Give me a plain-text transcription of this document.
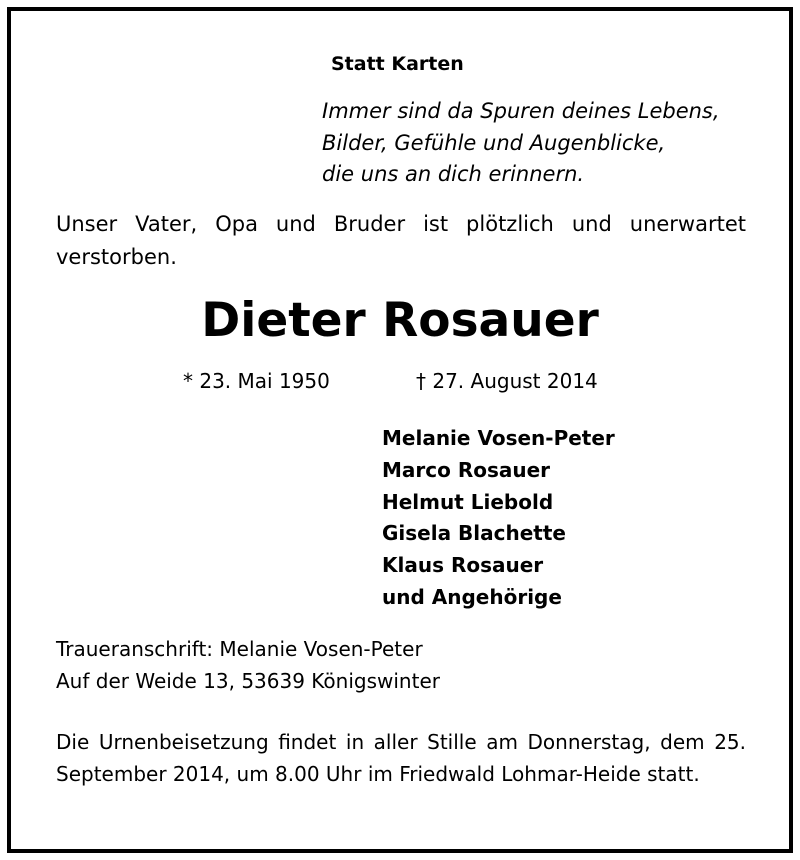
Statt Karten
Immer sind da Spuren deines Lebens,
Bilder, Gefühle und Augenblicke,
die uns an dich erinnern.
Unser Vater, Opa und Bruder ist plötzlich und unerwartet verstorben.
Dieter Rosauer
* 23. Mai 1950	† 27. August 2014
Melanie Vosen-Peter
Marco Rosauer
Helmut Liebold
Gisela Blachette
Klaus Rosauer
und Angehörige
Traueranschrift: Melanie Vosen-Peter
Auf der Weide 13, 53639 Königswinter
Die Urnenbeisetzung findet in aller Stille am Donnerstag, dem 25. September 2014, um 8.00 Uhr im Friedwald Lohmar-Heide statt.
